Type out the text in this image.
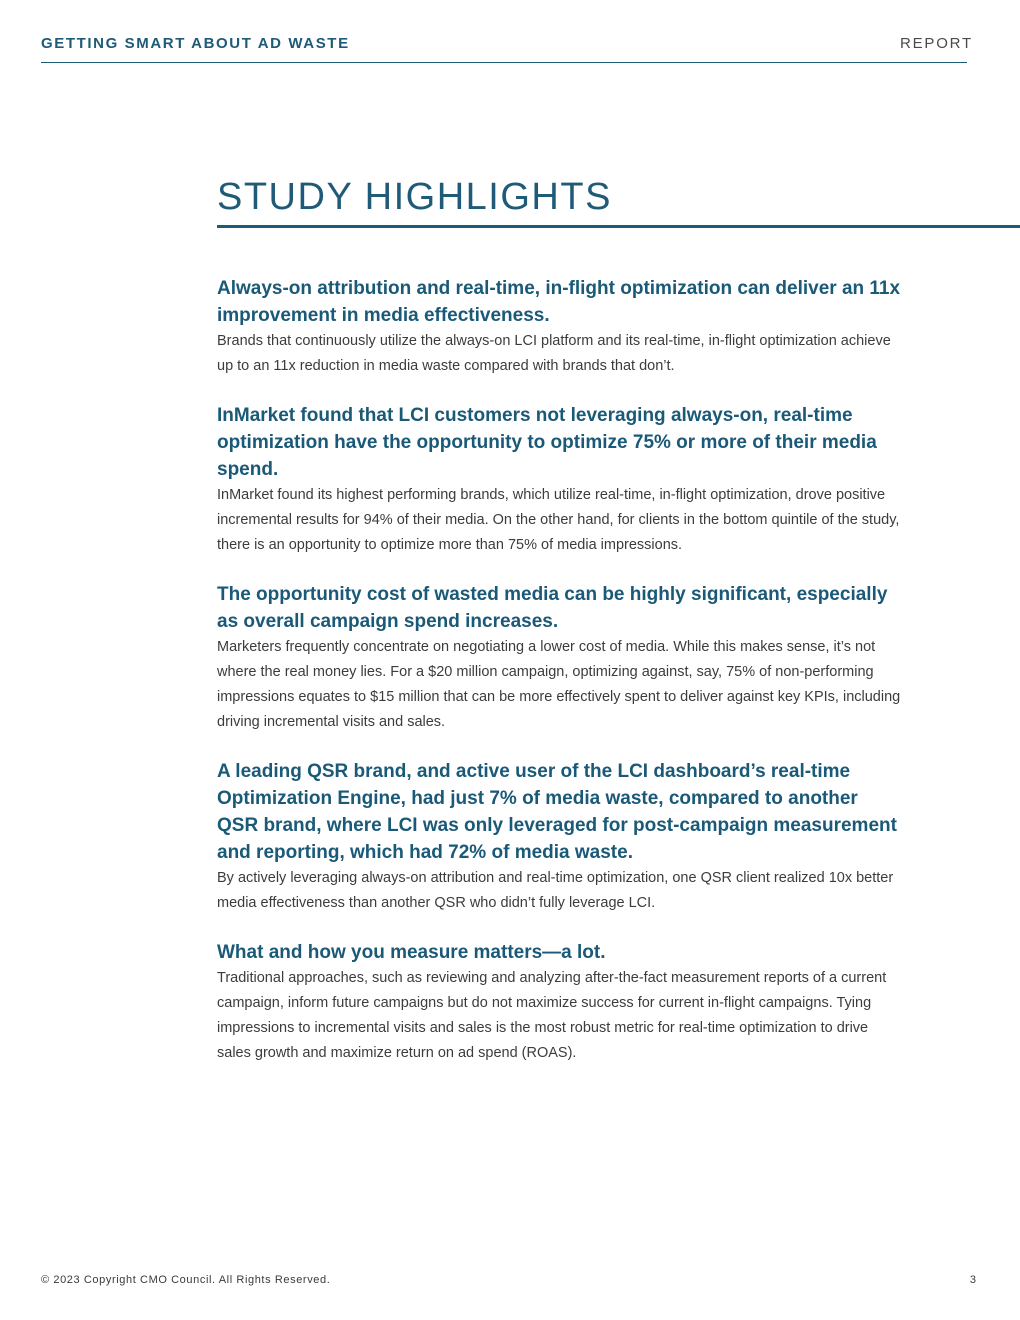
GETTING SMART ABOUT AD WASTE	REPORT
STUDY HIGHLIGHTS
Always-on attribution and real-time, in-flight optimization can deliver an 11x improvement in media effectiveness.

Brands that continuously utilize the always-on LCI platform and its real-time, in-flight optimization achieve up to an 11x reduction in media waste compared with brands that don’t.

InMarket found that LCI customers not leveraging always-on, real-time optimization have the opportunity to optimize 75% or more of their media spend.

InMarket found its highest performing brands, which utilize real-time, in-flight optimization, drove positive incremental results for 94% of their media. On the other hand, for clients in the bottom quintile of the study, there is an opportunity to optimize more than 75% of media impressions.

The opportunity cost of wasted media can be highly significant, especially as overall campaign spend increases.

Marketers frequently concentrate on negotiating a lower cost of media. While this makes sense, it’s not where the real money lies. For a $20 million campaign, optimizing against, say, 75% of non-performing impressions equates to $15 million that can be more effectively spent to deliver against key KPIs, including driving incremental visits and sales.

A leading QSR brand, and active user of the LCI dashboard’s real-time Optimization Engine, had just 7% of media waste, compared to another QSR brand, where LCI was only leveraged for post-campaign measurement and reporting, which had 72% of media waste.

By actively leveraging always-on attribution and real-time optimization, one QSR client realized 10x better media effectiveness than another QSR who didn’t fully leverage LCI.

What and how you measure matters—a lot.

Traditional approaches, such as reviewing and analyzing after-the-fact measurement reports of a current campaign, inform future campaigns but do not maximize success for current in-flight campaigns. Tying impressions to incremental visits and sales is the most robust metric for real-time optimization to drive sales growth and maximize return on ad spend (ROAS).

© 2023 Copyright CMO Council. All Rights Reserved.	3
